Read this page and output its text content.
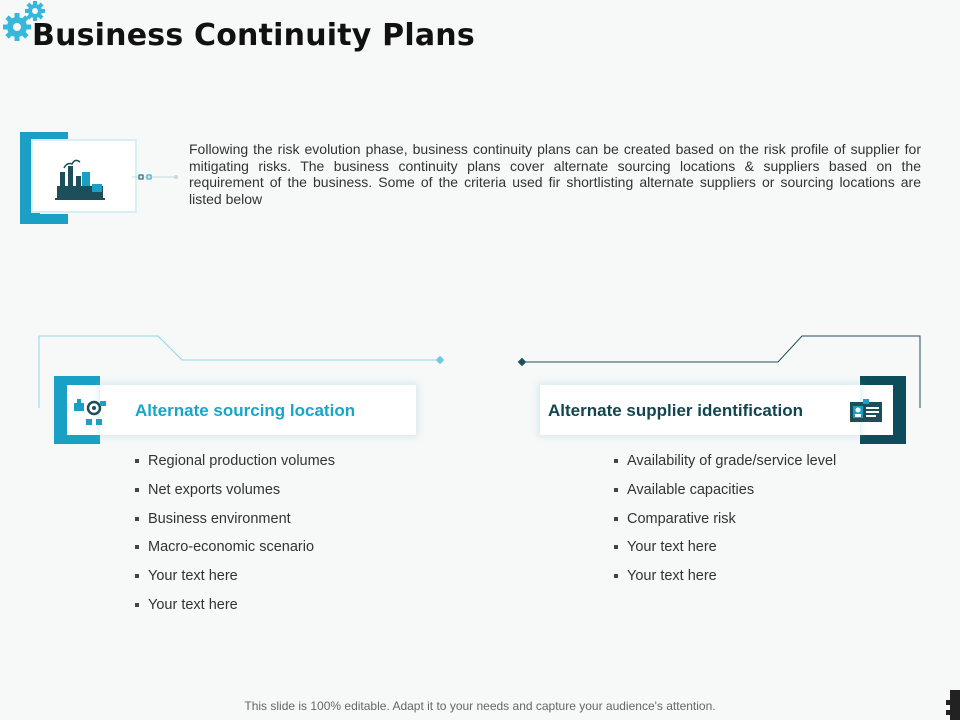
Business Continuity Plans
Following the risk evolution phase, business continuity plans can be created based on the risk profile of supplier for mitigating risks. The business continuity plans cover alternate sourcing locations & suppliers based on the requirement of the business. Some of the criteria used fir shortlisting alternate suppliers or sourcing locations are listed below
Alternate sourcing location	Alternate supplier identification
Regional production volumes
Net exports volumes
Business environment
Macro-economic scenario
Your text here
Your text here
Availability of grade/service level
Available capacities
Comparative risk
Your text here
Your text here
This slide is 100% editable. Adapt it to your needs and capture your audience's attention.
